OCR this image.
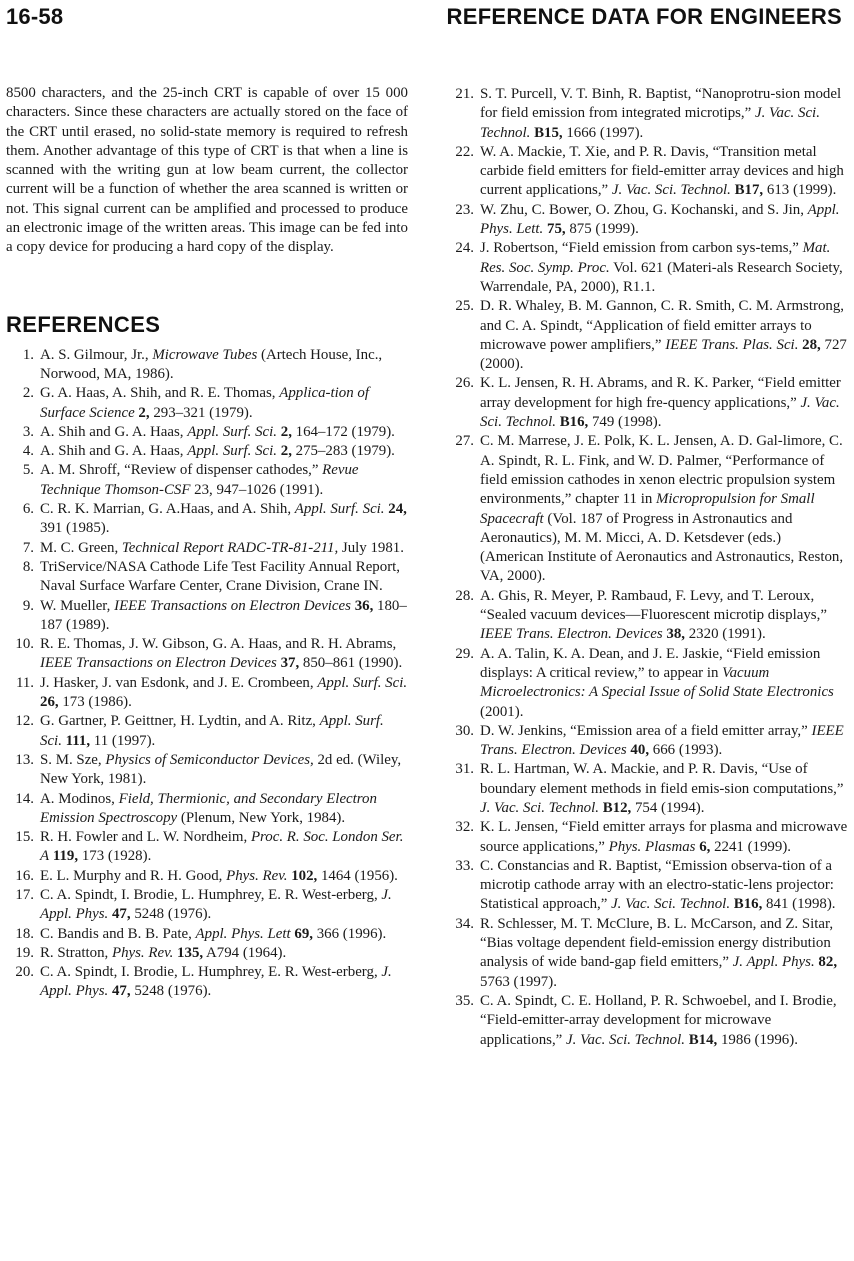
16-58	REFERENCE DATA FOR ENGINEERS

8500 characters, and the 25-inch CRT is capable of over 15 000 characters. Since these characters are actually stored on the face of the CRT until erased, no solid-state memory is required to refresh them. Another advantage of this type of CRT is that when a line is scanned with the writing gun at low beam current, the collector current will be a function of whether the area scanned is written or not. This signal current can be amplified and processed to produce an electronic image of the written areas. This image can be fed into a copy device for producing a hard copy of the display.

REFERENCES
1. A. S. Gilmour, Jr., Microwave Tubes (Artech House, Inc., Norwood, MA, 1986).
2. G. A. Haas, A. Shih, and R. E. Thomas, Applica-tion of Surface Science 2, 293–321 (1979).
3. A. Shih and G. A. Haas, Appl. Surf. Sci. 2, 164–172 (1979).
4. A. Shih and G. A. Haas, Appl. Surf. Sci. 2, 275–283 (1979).
5. A. M. Shroff, “Review of dispenser cathodes,” Revue Technique Thomson-CSF 23, 947–1026 (1991).
6. C. R. K. Marrian, G. A.Haas, and A. Shih, Appl. Surf. Sci. 24, 391 (1985).
7. M. C. Green, Technical Report RADC-TR-81-211, July 1981.
8. TriService/NASA Cathode Life Test Facility Annual Report, Naval Surface Warfare Center, Crane Division, Crane IN.
9. W. Mueller, IEEE Transactions on Electron Devices 36, 180–187 (1989).
10. R. E. Thomas, J. W. Gibson, G. A. Haas, and R. H. Abrams, IEEE Transactions on Electron Devices 37, 850–861 (1990).
11. J. Hasker, J. van Esdonk, and J. E. Crombeen, Appl. Surf. Sci. 26, 173 (1986).
12. G. Gartner, P. Geittner, H. Lydtin, and A. Ritz, Appl. Surf. Sci. 111, 11 (1997).
13. S. M. Sze, Physics of Semiconductor Devices, 2d ed. (Wiley, New York, 1981).
14. A. Modinos, Field, Thermionic, and Secondary Electron Emission Spectroscopy (Plenum, New York, 1984).
15. R. H. Fowler and L. W. Nordheim, Proc. R. Soc. London Ser. A 119, 173 (1928).
16. E. L. Murphy and R. H. Good, Phys. Rev. 102, 1464 (1956).
17. C. A. Spindt, I. Brodie, L. Humphrey, E. R. West-erberg, J. Appl. Phys. 47, 5248 (1976).
18. C. Bandis and B. B. Pate, Appl. Phys. Lett 69, 366 (1996).
19. R. Stratton, Phys. Rev. 135, A794 (1964).
20. C. A. Spindt, I. Brodie, L. Humphrey, E. R. West-erberg, J. Appl. Phys. 47, 5248 (1976).
21. S. T. Purcell, V. T. Binh, R. Baptist, “Nanoprotru-sion model for field emission from integrated microtips,” J. Vac. Sci. Technol. B15, 1666 (1997).
22. W. A. Mackie, T. Xie, and P. R. Davis, “Transition metal carbide field emitters for field-emitter array devices and high current applications,” J. Vac. Sci. Technol. B17, 613 (1999).
23. W. Zhu, C. Bower, O. Zhou, G. Kochanski, and S. Jin, Appl. Phys. Lett. 75, 875 (1999).
24. J. Robertson, “Field emission from carbon sys-tems,” Mat. Res. Soc. Symp. Proc. Vol. 621 (Materi-als Research Society, Warrendale, PA, 2000), R1.1.
25. D. R. Whaley, B. M. Gannon, C. R. Smith, C. M. Armstrong, and C. A. Spindt, “Application of field emitter arrays to microwave power amplifiers,” IEEE Trans. Plas. Sci. 28, 727 (2000).
26. K. L. Jensen, R. H. Abrams, and R. K. Parker, “Field emitter array development for high fre-quency applications,” J. Vac. Sci. Technol. B16, 749 (1998).
27. C. M. Marrese, J. E. Polk, K. L. Jensen, A. D. Gal-limore, C. A. Spindt, R. L. Fink, and W. D. Palmer, “Performance of field emission cathodes in xenon electric propulsion system environments,” chapter 11 in Micropropulsion for Small Spacecraft (Vol. 187 of Progress in Astronautics and Aeronautics), M. M. Micci, A. D. Ketsdever (eds.) (American Institute of Aeronautics and Astronautics, Reston, VA, 2000).
28. A. Ghis, R. Meyer, P. Rambaud, F. Levy, and T. Leroux, “Sealed vacuum devices—Fluorescent microtip displays,” IEEE Trans. Electron. Devices 38, 2320 (1991).
29. A. A. Talin, K. A. Dean, and J. E. Jaskie, “Field emission displays: A critical review,” to appear in Vacuum Microelectronics: A Special Issue of Solid State Electronics (2001).
30. D. W. Jenkins, “Emission area of a field emitter array,” IEEE Trans. Electron. Devices 40, 666 (1993).
31. R. L. Hartman, W. A. Mackie, and P. R. Davis, “Use of boundary element methods in field emis-sion computations,” J. Vac. Sci. Technol. B12, 754 (1994).
32. K. L. Jensen, “Field emitter arrays for plasma and microwave source applications,” Phys. Plasmas 6, 2241 (1999).
33. C. Constancias and R. Baptist, “Emission observa-tion of a microtip cathode array with an electro-static-lens projector: Statistical approach,” J. Vac. Sci. Technol. B16, 841 (1998).
34. R. Schlesser, M. T. McClure, B. L. McCarson, and Z. Sitar, “Bias voltage dependent field-emission energy distribution analysis of wide band-gap field emitters,” J. Appl. Phys. 82, 5763 (1997).
35. C. A. Spindt, C. E. Holland, P. R. Schwoebel, and I. Brodie, “Field-emitter-array development for microwave applications,” J. Vac. Sci. Technol. B14, 1986 (1996).
